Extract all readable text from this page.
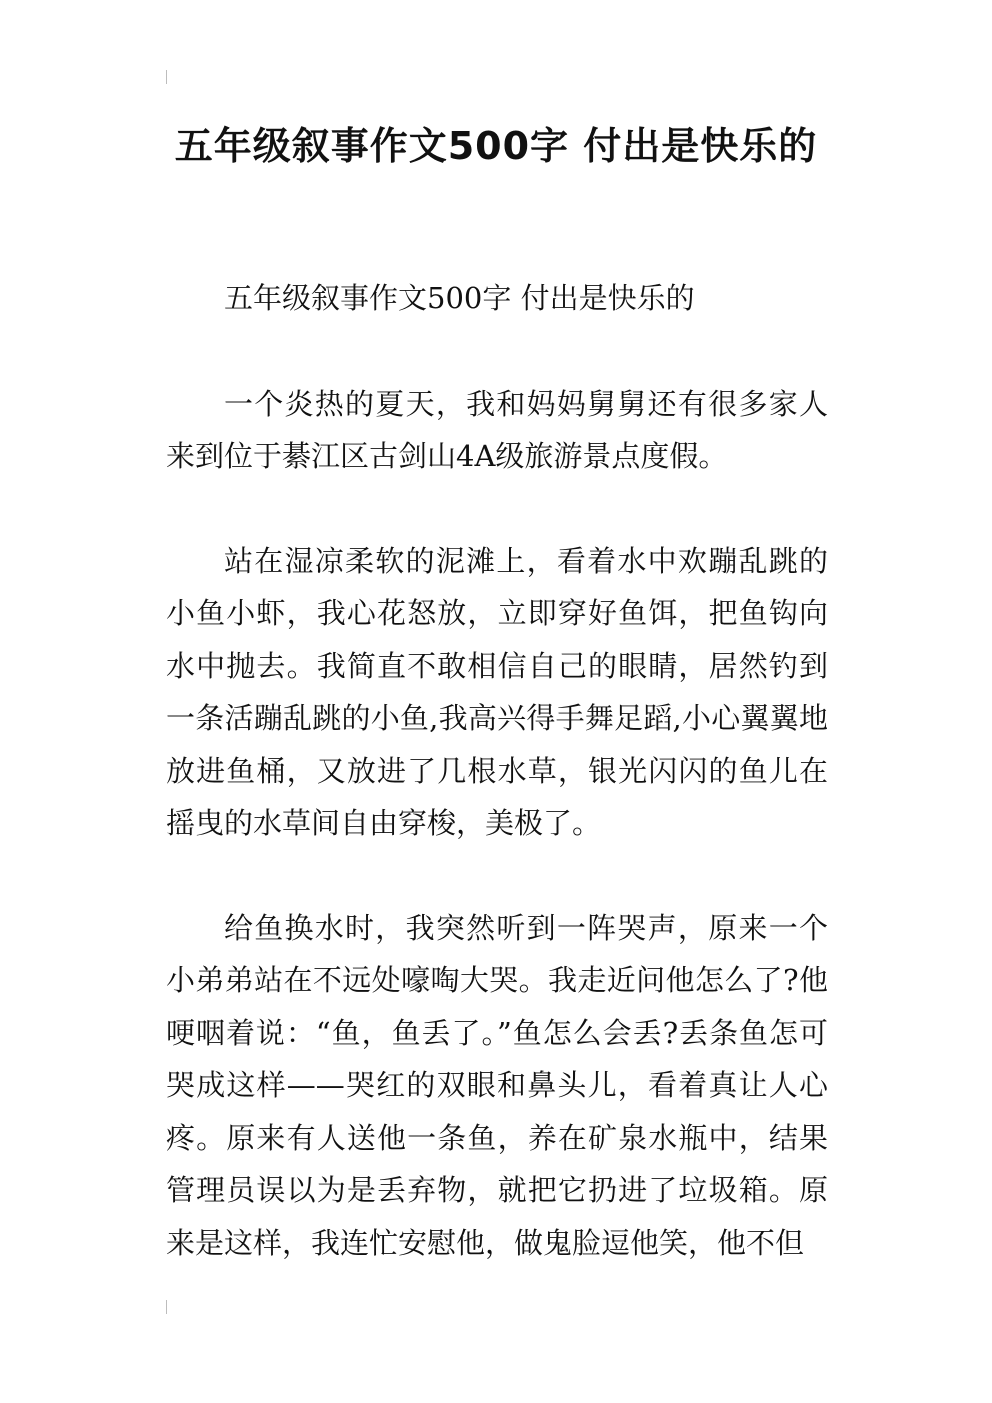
五年级叙事作文500字 付出是快乐的

五年级叙事作文500字 付出是快乐的

一个炎热的夏天，我和妈妈舅舅还有很多家人来到位于綦江区古剑山4A级旅游景点度假。

站在湿凉柔软的泥滩上，看着水中欢蹦乱跳的小鱼小虾，我心花怒放，立即穿好鱼饵，把鱼钩向水中抛去。我简直不敢相信自己的眼睛，居然钓到一条活蹦乱跳的小鱼,我高兴得手舞足蹈,小心翼翼地放进鱼桶，又放进了几根水草，银光闪闪的鱼儿在摇曳的水草间自由穿梭，美极了。

给鱼换水时，我突然听到一阵哭声，原来一个小弟弟站在不远处嚎啕大哭。我走近问他怎么了?他哽咽着说：“鱼，鱼丢了。”鱼怎么会丢?丢条鱼怎可哭成这样——哭红的双眼和鼻头儿，看着真让人心疼。原来有人送他一条鱼，养在矿泉水瓶中，结果管理员误以为是丢弃物，就把它扔进了垃圾箱。原来是这样，我连忙安慰他，做鬼脸逗他笑，他不但
